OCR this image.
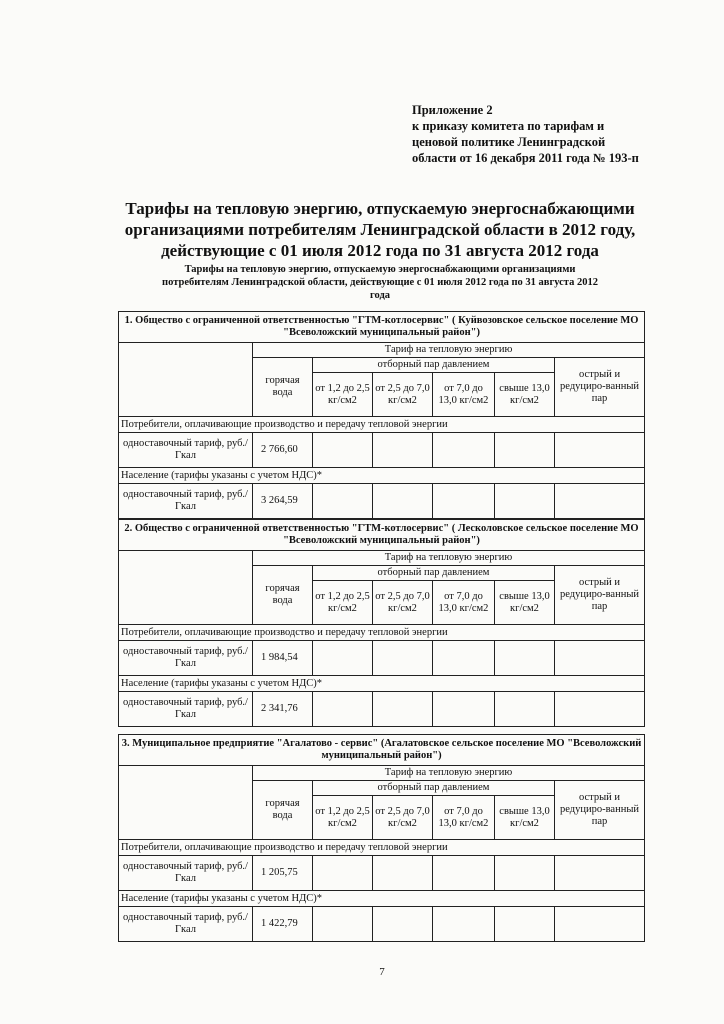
Приложение 2
к приказу комитета по тарифам и
ценовой политике Ленинградской
области от 16 декабря 2011 года № 193-п
Тарифы на тепловую энергию, отпускаемую энергоснабжающими
организациями потребителям Ленинградской области в 2012 году,
действующие с 01 июля 2012 года по 31 августа 2012 года
Тарифы на тепловую энергию, отпускаемую энергоснабжающими организациями
потребителям Ленинградской области, действующие с 01 июля 2012 года по 31 августа 2012
года
1. Общество с ограниченной ответственностью "ГТМ-котлосервис" ( Куйвозовское сельское поселение МО "Всеволожский муниципальный район")						
	Тариф на тепловую энергию					
	горячая вода	отборный пар давлением				острый и редуциро-ванный пар
		от 1,2 до 2,5 кг/см2	от 2,5 до 7,0 кг/см2	от 7,0 до 13,0 кг/см2	свыше 13,0 кг/см2	
Потребители, оплачивающие производство и передачу тепловой энергии						
одноставочный тариф, руб./Гкал	2 766,60					
Население (тарифы указаны с учетом НДС)*						
одноставочный тариф, руб./Гкал	3 264,59					
2. Общество с ограниченной ответственностью "ГТМ-котлосервис" ( Лесколовское сельское поселение МО "Всеволожский муниципальный район")						
	Тариф на тепловую энергию					
	горячая вода	отборный пар давлением				острый и редуциро-ванный пар
		от 1,2 до 2,5 кг/см2	от 2,5 до 7,0 кг/см2	от 7,0 до 13,0 кг/см2	свыше 13,0 кг/см2	
Потребители, оплачивающие производство и передачу тепловой энергии						
одноставочный тариф, руб./Гкал	1 984,54					
Население (тарифы указаны с учетом НДС)*						
одноставочный тариф, руб./Гкал	2 341,76					
3. Муниципальное предприятие "Агалатово - сервис" (Агалатовское сельское поселение МО "Всеволожский муниципальный район")						
	Тариф на тепловую энергию					
	горячая вода	отборный пар давлением				острый и редуциро-ванный пар
		от 1,2 до 2,5 кг/см2	от 2,5 до 7,0 кг/см2	от 7,0 до 13,0 кг/см2	свыше 13,0 кг/см2	
Потребители, оплачивающие производство и передачу тепловой энергии						
одноставочный тариф, руб./Гкал	1 205,75					
Население (тарифы указаны с учетом НДС)*						
одноставочный тариф, руб./Гкал	1 422,79					
7
